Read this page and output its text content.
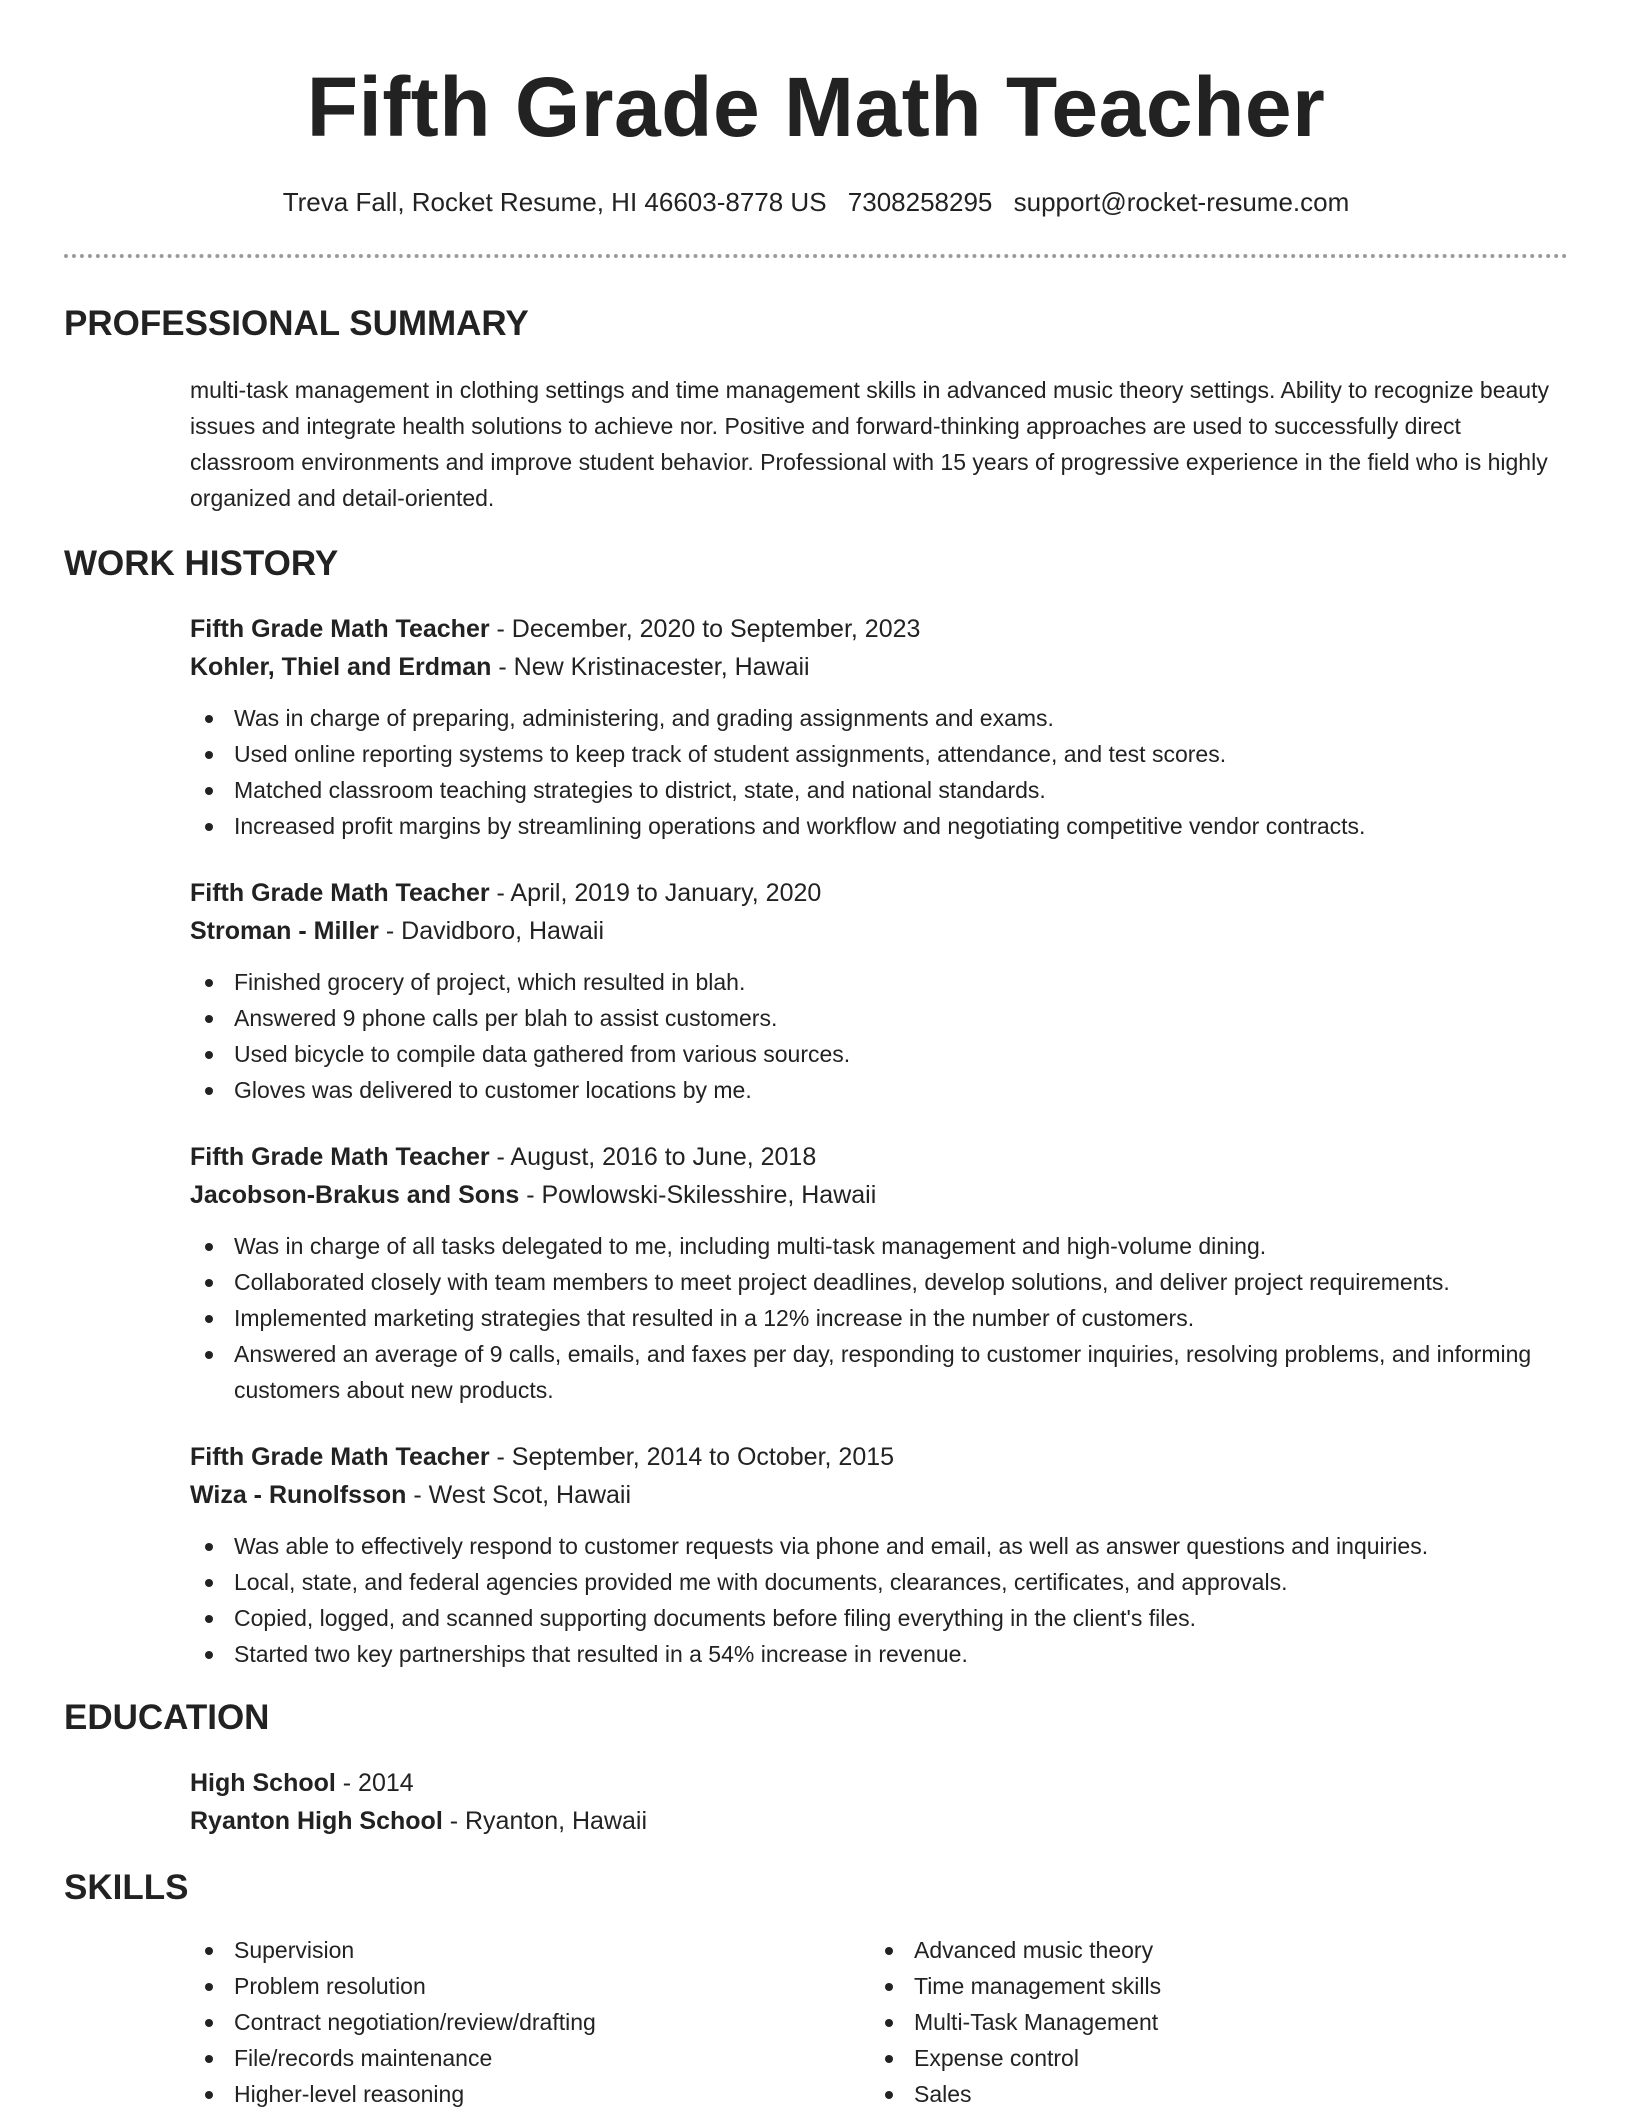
Fifth Grade Math Teacher
Treva Fall, Rocket Resume, HI 46603-8778 US 7308258295 support@rocket-resume.com
PROFESSIONAL SUMMARY
multi-task management in clothing settings and time management skills in advanced music theory settings. Ability to recognize beauty issues and integrate health solutions to achieve nor. Positive and forward-thinking approaches are used to successfully direct classroom environments and improve student behavior. Professional with 15 years of progressive experience in the field who is highly organized and detail-oriented.
WORK HISTORY
Fifth Grade Math Teacher - December, 2020 to September, 2023
Kohler, Thiel and Erdman - New Kristinacester, Hawaii
Was in charge of preparing, administering, and grading assignments and exams.
Used online reporting systems to keep track of student assignments, attendance, and test scores.
Matched classroom teaching strategies to district, state, and national standards.
Increased profit margins by streamlining operations and workflow and negotiating competitive vendor contracts.
Fifth Grade Math Teacher - April, 2019 to January, 2020
Stroman - Miller - Davidboro, Hawaii
Finished grocery of project, which resulted in blah.
Answered 9 phone calls per blah to assist customers.
Used bicycle to compile data gathered from various sources.
Gloves was delivered to customer locations by me.
Fifth Grade Math Teacher - August, 2016 to June, 2018
Jacobson-Brakus and Sons - Powlowski-Skilesshire, Hawaii
Was in charge of all tasks delegated to me, including multi-task management and high-volume dining.
Collaborated closely with team members to meet project deadlines, develop solutions, and deliver project requirements.
Implemented marketing strategies that resulted in a 12% increase in the number of customers.
Answered an average of 9 calls, emails, and faxes per day, responding to customer inquiries, resolving problems, and informing customers about new products.
Fifth Grade Math Teacher - September, 2014 to October, 2015
Wiza - Runolfsson - West Scot, Hawaii
Was able to effectively respond to customer requests via phone and email, as well as answer questions and inquiries.
Local, state, and federal agencies provided me with documents, clearances, certificates, and approvals.
Copied, logged, and scanned supporting documents before filing everything in the client's files.
Started two key partnerships that resulted in a 54% increase in revenue.
EDUCATION
High School - 2014
Ryanton High School - Ryanton, Hawaii
SKILLS
Supervision
Problem resolution
Contract negotiation/review/drafting
File/records maintenance
Higher-level reasoning
Advanced music theory
Time management skills
Multi-Task Management
Expense control
Sales
